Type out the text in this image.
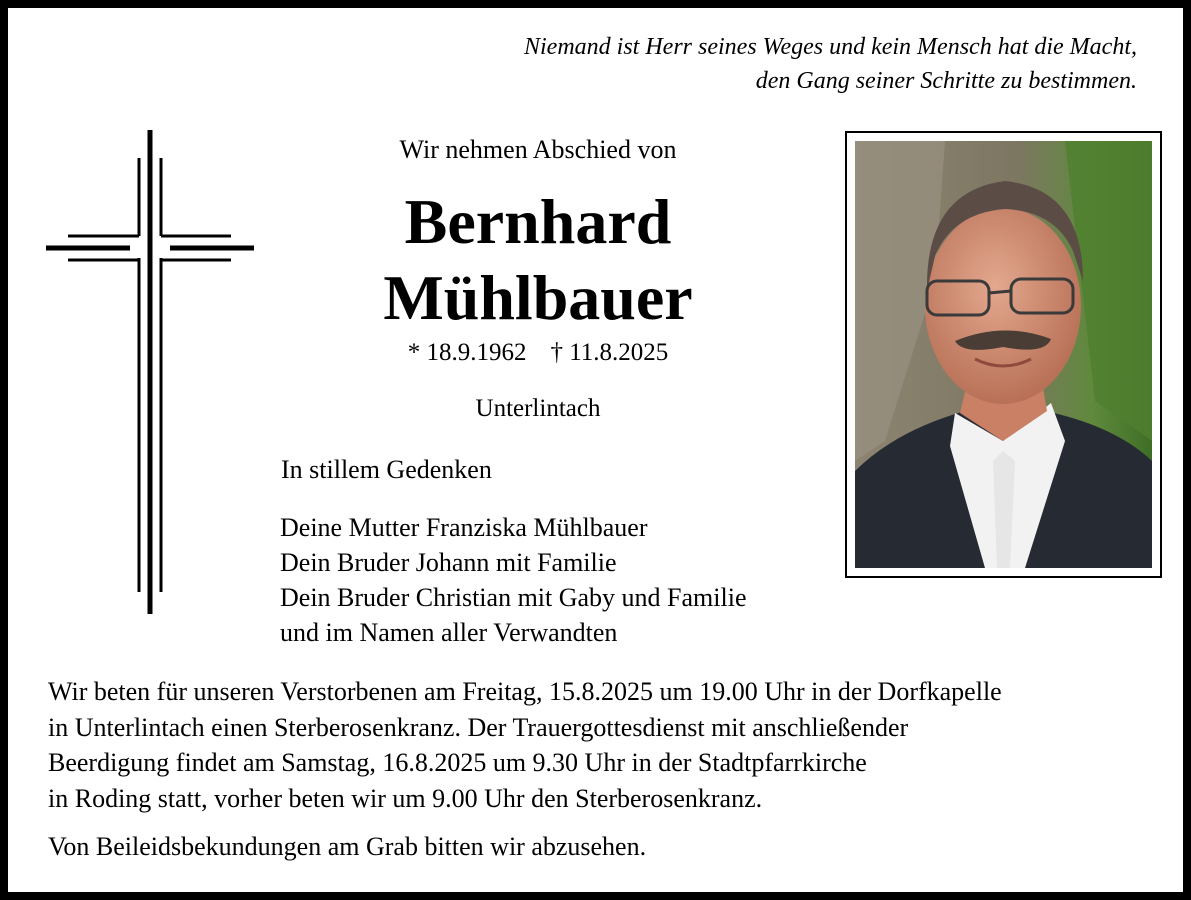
Niemand ist Herr seines Weges und kein Mensch hat die Macht,
den Gang seiner Schritte zu bestimmen.
Wir nehmen Abschied von
Bernhard
Mühlbauer
* 18.9.1962 † 11.8.2025
Unterlintach
In stillem Gedenken
Deine Mutter Franziska Mühlbauer
Dein Bruder Johann mit Familie
Dein Bruder Christian mit Gaby und Familie
und im Namen aller Verwandten
Wir beten für unseren Verstorbenen am Freitag, 15.8.2025 um 19.00 Uhr in der Dorfkapelle
in Unterlintach einen Sterberosenkranz. Der Trauergottesdienst mit anschließender
Beerdigung findet am Samstag, 16.8.2025 um 9.30 Uhr in der Stadtpfarrkirche
in Roding statt, vorher beten wir um 9.00 Uhr den Sterberosenkranz.
Von Beileidsbekundungen am Grab bitten wir abzusehen.
